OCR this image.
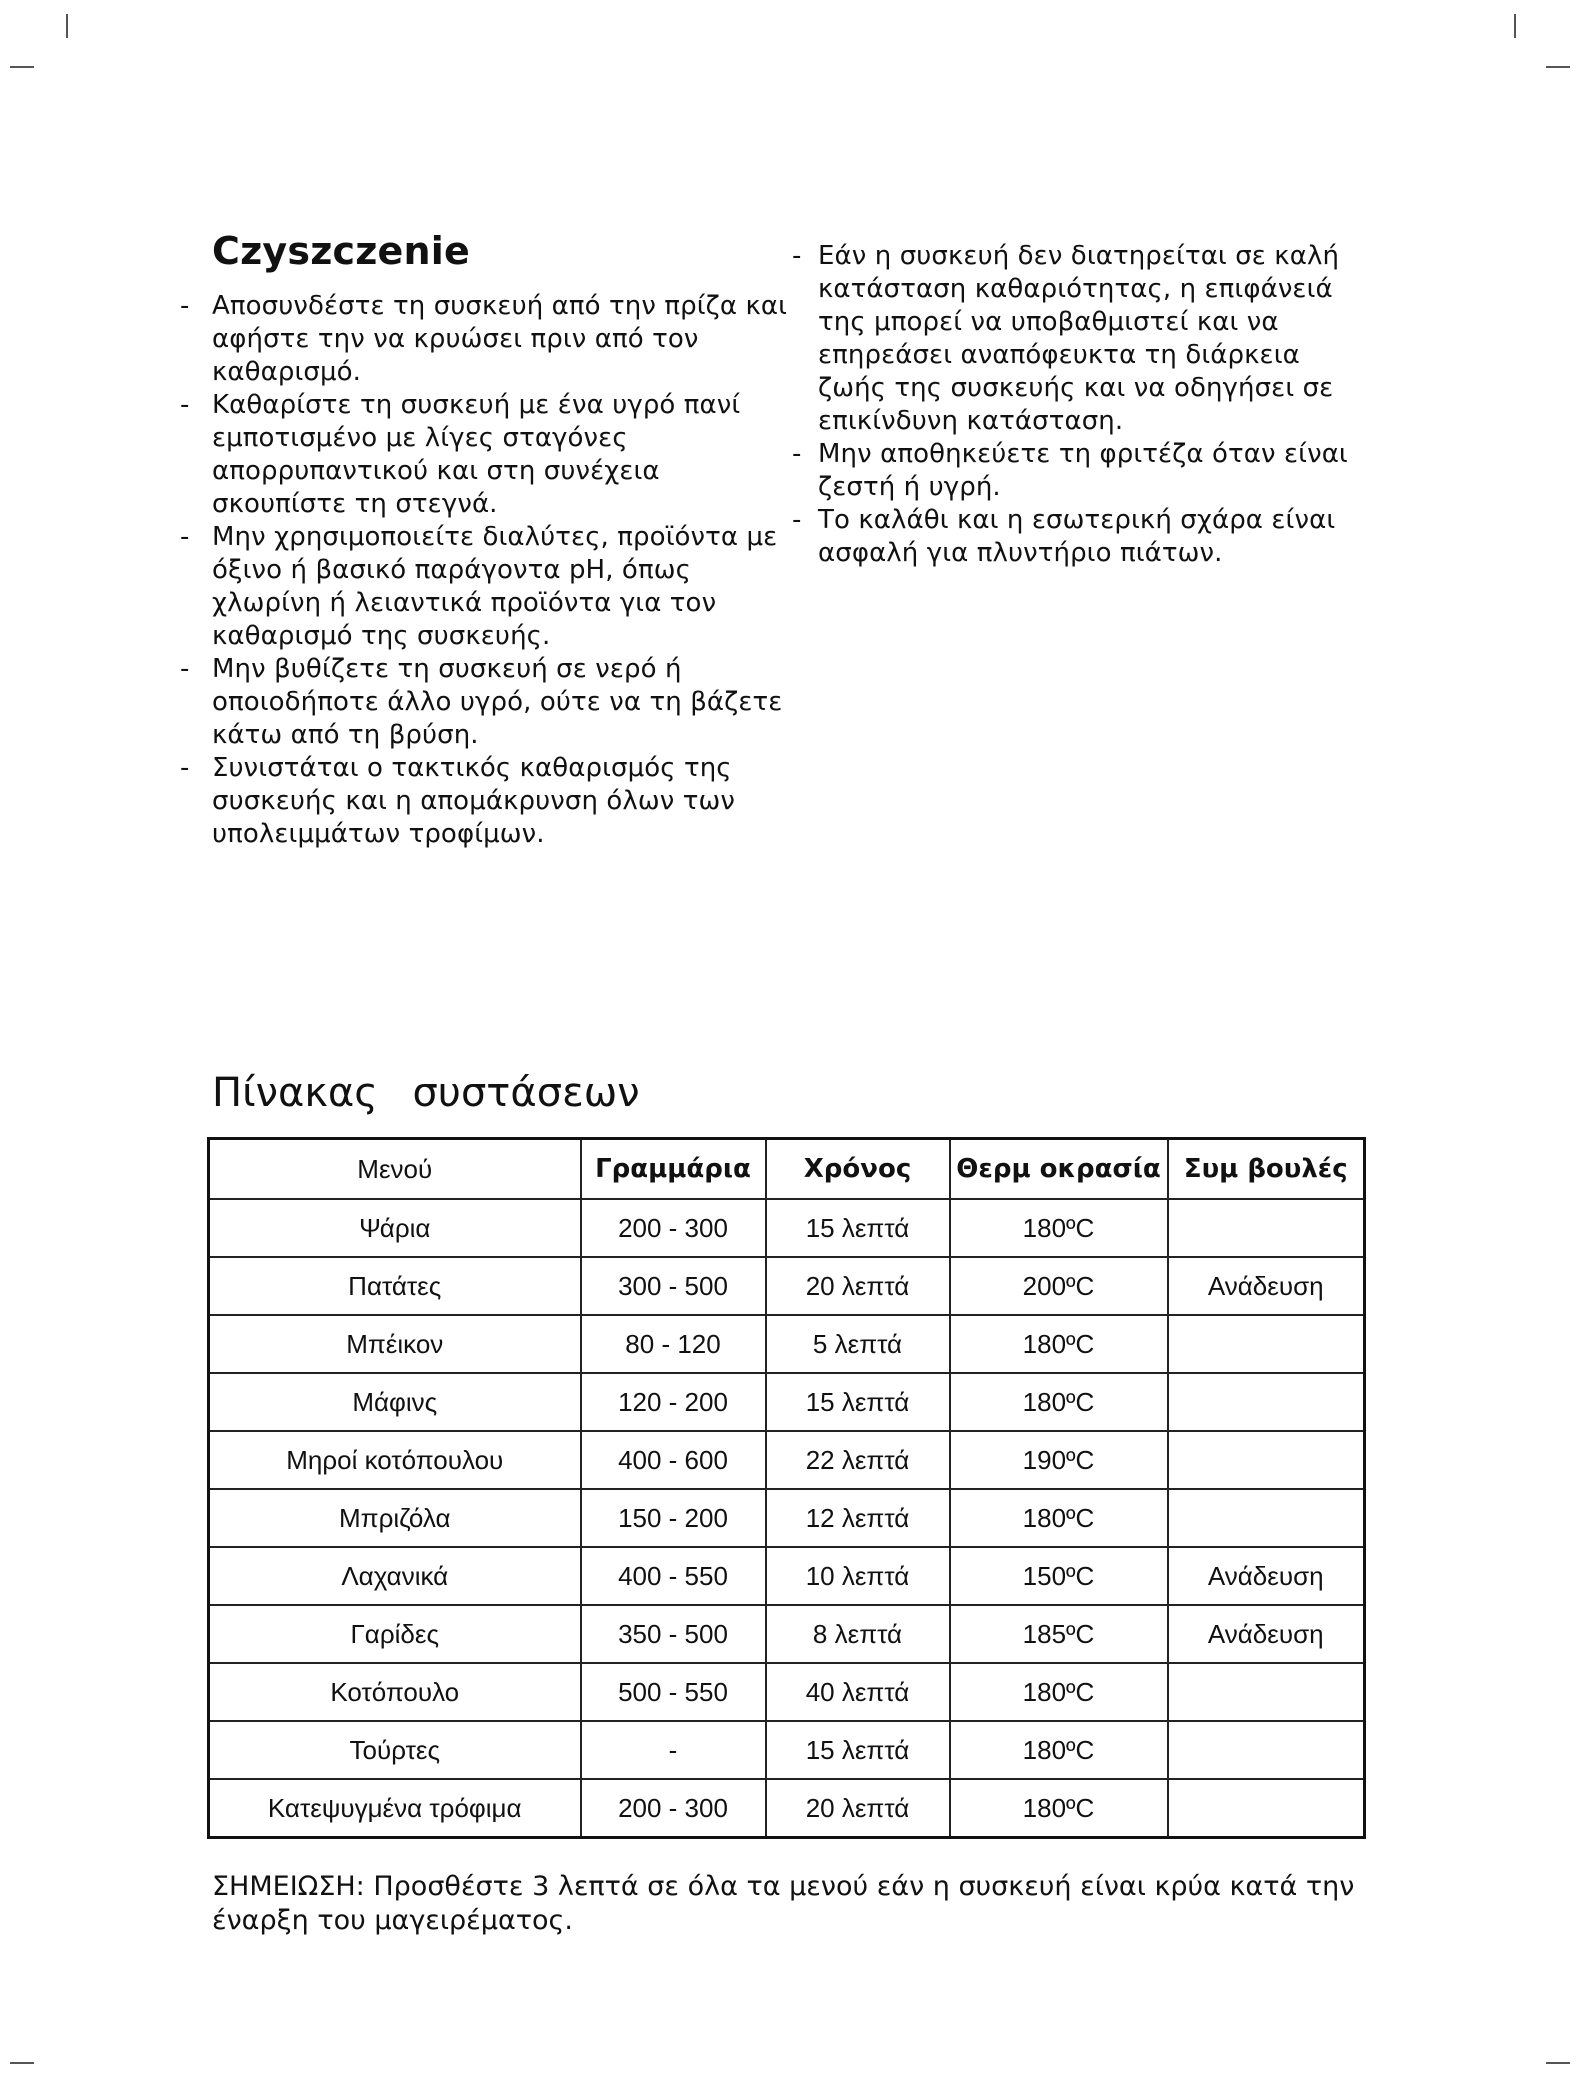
Czyszczenie
- Αποσυνδέστε τη συσκευή από την πρίζα και αφήστε την να κρυώσει πριν από τον καθαρισμό.
- Καθαρίστε τη συσκευή με ένα υγρό πανί εμποτισμένο με λίγες σταγόνες απορρυπαντικού και στη συνέχεια σκουπίστε τη στεγνά.
- Μην χρησιμοποιείτε διαλύτες, προϊόντα με όξινο ή βασικό παράγοντα pH, όπως χλωρίνη ή λειαντικά προϊόντα για τον καθαρισμό της συσκευής.
- Μην βυθίζετε τη συσκευή σε νερό ή οποιοδήποτε άλλο υγρό, ούτε να τη βάζετε κάτω από τη βρύση.
- Συνιστάται ο τακτικός καθαρισμός της συσκευής και η απομάκρυνση όλων των υπολειμμάτων τροφίμων.
- Εάν η συσκευή δεν διατηρείται σε καλή κατάσταση καθαριότητας, η επιφάνειά της μπορεί να υποβαθμιστεί και να επηρεάσει αναπόφευκτα τη διάρκεια ζωής της συσκευής και να οδηγήσει σε επικίνδυνη κατάσταση.
- Μην αποθηκεύετε τη φριτέζα όταν είναι ζεστή ή υγρή.
- Το καλάθι και η εσωτερική σχάρα είναι ασφαλή για πλυντήριο πιάτων.
Πίνακας συστάσεων
Μενού	Γραμμάρια	Χρόνος	Θερμ οκρασία	Συμ βουλές
Ψάρια	200 - 300	15 λεπτά	180ºC	
Πατάτες	300 - 500	20 λεπτά	200ºC	Ανάδευση
Μπέικον	80 - 120	5 λεπτά	180ºC	
Μάφινς	120 - 200	15 λεπτά	180ºC	
Μηροί κοτόπουλου	400 - 600	22 λεπτά	190ºC	
Μπριζόλα	150 - 200	12 λεπτά	180ºC	
Λαχανικά	400 - 550	10 λεπτά	150ºC	Ανάδευση
Γαρίδες	350 - 500	8 λεπτά	185ºC	Ανάδευση
Κοτόπουλο	500 - 550	40 λεπτά	180ºC	
Τούρτες	-	15 λεπτά	180ºC	
Κατεψυγμένα τρόφιμα	200 - 300	20 λεπτά	180ºC	

ΣΗΜΕΙΩΣΗ: Προσθέστε 3 λεπτά σε όλα τα μενού εάν η συσκευή είναι κρύα κατά την έναρξη του μαγειρέματος.
